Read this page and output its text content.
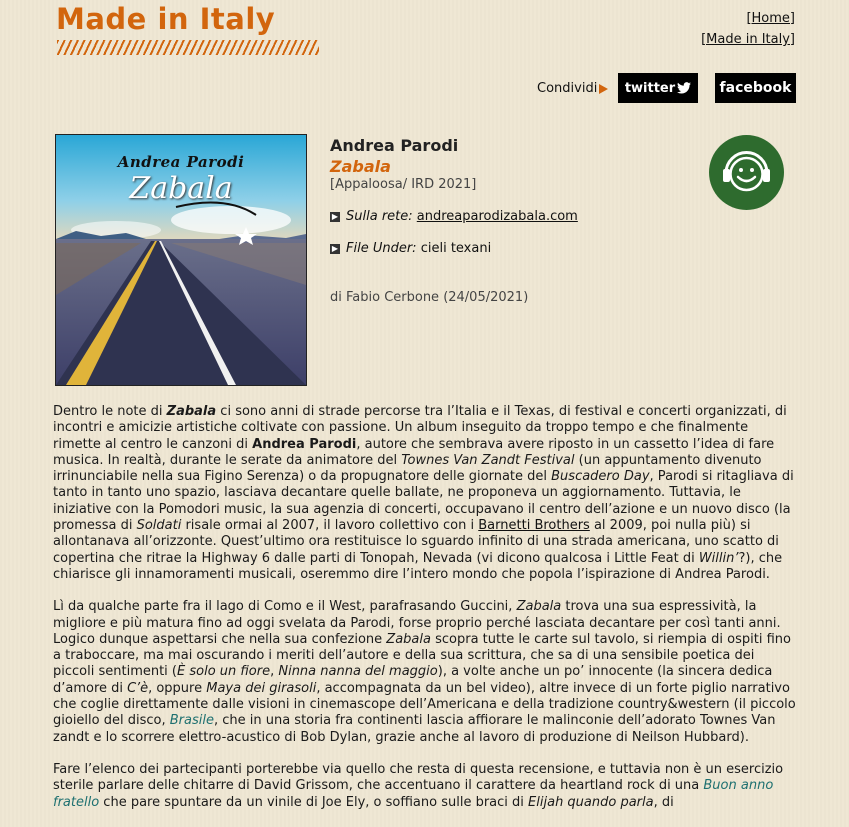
Made in Italy	[Home]
[Made in Italy]
Condividi twitter	facebook
Andrea Parodi
Zabala
Andrea Parodi
Zabala
[Appaloosa/ IRD 2021]
▶ Sulla rete: andreaparodizabala.com
▶ File Under: cieli texani
di Fabio Cerbone (24/05/2021)

Dentro le note di Zabala ci sono anni di strade percorse tra l’Italia e il Texas, di festival e concerti organizzati, di incontri e amicizie artistiche coltivate con passione. Un album inseguito da troppo tempo e che finalmente rimette al centro le canzoni di Andrea Parodi, autore che sembrava avere riposto in un cassetto l’idea di fare musica. In realtà, durante le serate da animatore del Townes Van Zandt Festival (un appuntamento divenuto irrinunciabile nella sua Figino Serenza) o da propugnatore delle giornate del Buscadero Day, Parodi si ritagliava di tanto in tanto uno spazio, lasciava decantare quelle ballate, ne proponeva un aggiornamento. Tuttavia, le iniziative con la Pomodori music, la sua agenzia di concerti, occupavano il centro dell’azione e un nuovo disco (la promessa di Soldati risale ormai al 2007, il lavoro collettivo con i Barnetti Brothers al 2009, poi nulla più) si allontanava all’orizzonte. Quest’ultimo ora restituisce lo sguardo infinito di una strada americana, uno scatto di copertina che ritrae la Highway 6 dalle parti di Tonopah, Nevada (vi dicono qualcosa i Little Feat di Willin’?), che chiarisce gli innamoramenti musicali, oseremmo dire l’intero mondo che popola l’ispirazione di Andrea Parodi.

Lì da qualche parte fra il lago di Como e il West, parafrasando Guccini, Zabala trova una sua espressività, la migliore e più matura fino ad oggi svelata da Parodi, forse proprio perché lasciata decantare per così tanti anni. Logico dunque aspettarsi che nella sua confezione Zabala scopra tutte le carte sul tavolo, si riempia di ospiti fino a traboccare, ma mai oscurando i meriti dell’autore e della sua scrittura, che sa di una sensibile poetica dei piccoli sentimenti (È solo un fiore, Ninna nanna del maggio), a volte anche un po’ innocente (la sincera dedica d’amore di C’è, oppure Maya dei girasoli, accompagnata da un bel video), altre invece di un forte piglio narrativo che coglie direttamente dalle visioni in cinemascope dell’Americana e della tradizione country&western (il piccolo gioiello del disco, Brasile, che in una storia fra continenti lascia affiorare le malinconie dell’adorato Townes Van zandt e lo scorrere elettro-acustico di Bob Dylan, grazie anche al lavoro di produzione di Neilson Hubbard).

Fare l’elenco dei partecipanti porterebbe via quello che resta di questa recensione, e tuttavia non è un esercizio sterile parlare delle chitarre di David Grissom, che accentuano il carattere da heartland rock di una Buon anno fratello che pare spuntare da un vinile di Joe Ely, o soffiano sulle braci di Elijah quando parla, di
